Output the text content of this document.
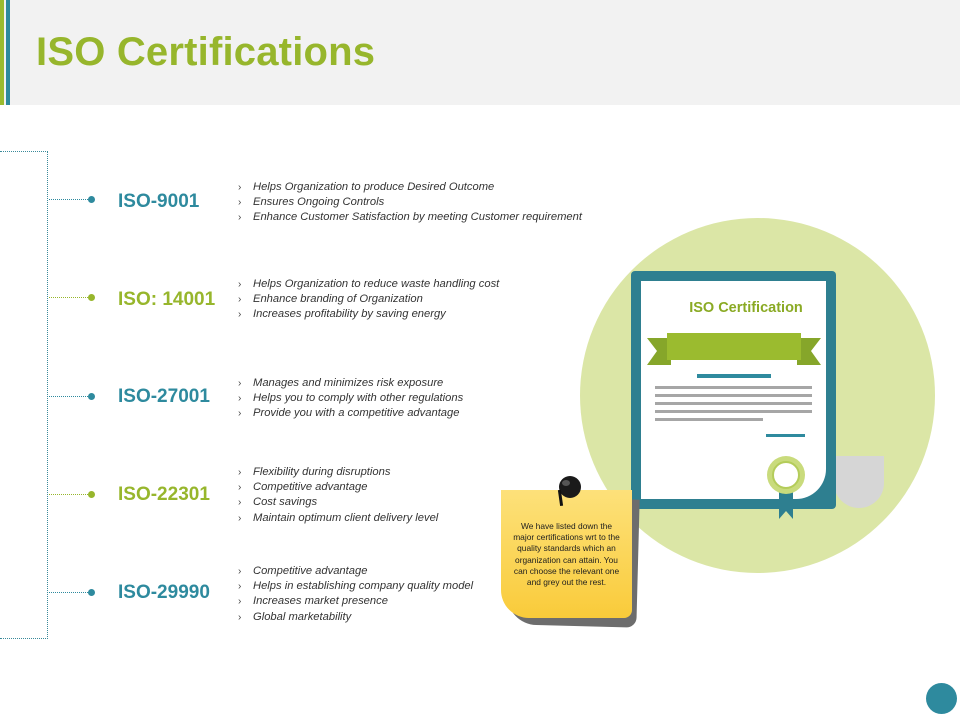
ISO Certifications
ISO-9001
› Helps Organization to produce Desired Outcome
› Ensures Ongoing Controls
› Enhance Customer Satisfaction by meeting Customer requirement
ISO: 14001
› Helps Organization to reduce waste handling cost
› Enhance branding of Organization
› Increases profitability by saving energy
ISO-27001
› Manages and minimizes risk exposure
› Helps you to comply with other regulations
› Provide you with a competitive advantage
ISO-22301
› Flexibility during disruptions
› Competitive advantage
› Cost savings
› Maintain optimum client delivery level
ISO-29990
› Competitive advantage
› Helps in establishing company quality model
› Increases market presence
› Global marketability
ISO Certification
We have listed down the major certifications wrt to the quality standards which an organization can attain. You can choose the relevant one and grey out the rest.
